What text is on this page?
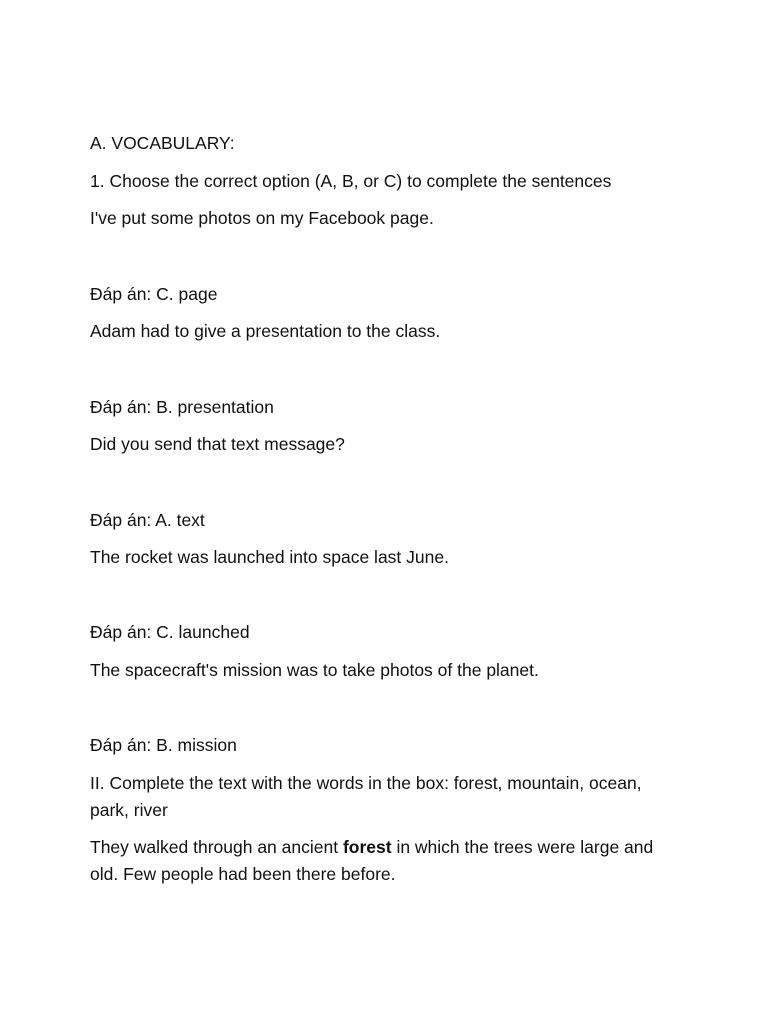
A. VOCABULARY:
1. Choose the correct option (A, B, or C) to complete the sentences
I've put some photos on my Facebook page.
Đáp án: C. page
Adam had to give a presentation to the class.
Đáp án: B. presentation
Did you send that text message?
Đáp án: A. text
The rocket was launched into space last June.
Đáp án: C. launched
The spacecraft's mission was to take photos of the planet.
Đáp án: B. mission
II. Complete the text with the words in the box: forest, mountain, ocean, park, river
They walked through an ancient forest in which the trees were large and old. Few people had been there before.
